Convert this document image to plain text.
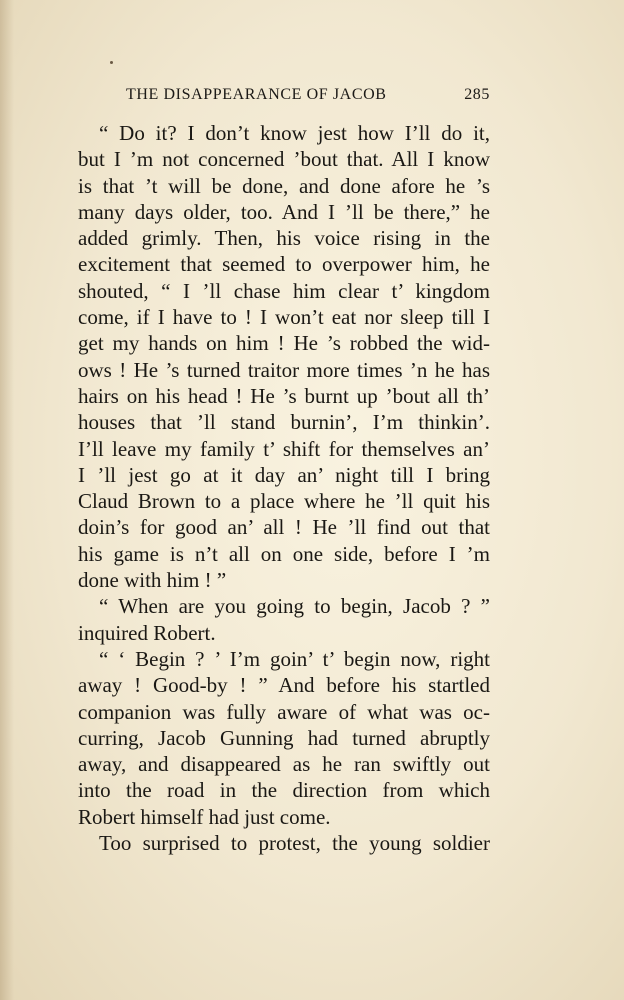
THE DISAPPEARANCE OF JACOB	285
“ Do it? I don’t know jest how I’ll do it,
but I ’m not concerned ’bout that. All I know
is that ’t will be done, and done afore he ’s
many days older, too. And I ’ll be there,” he
added grimly. Then, his voice rising in the
excitement that seemed to overpower him, he
shouted, “ I ’ll chase him clear t’ kingdom
come, if I have to ! I won’t eat nor sleep till I
get my hands on him ! He ’s robbed the wid-
ows ! He ’s turned traitor more times ’n he has
hairs on his head ! He ’s burnt up ’bout all th’
houses that ’ll stand burnin’, I’m thinkin’.
I’ll leave my family t’ shift for themselves an’
I ’ll jest go at it day an’ night till I bring
Claud Brown to a place where he ’ll quit his
doin’s for good an’ all ! He ’ll find out that
his game is n’t all on one side, before I ’m
done with him ! ”
“ When are you going to begin, Jacob ? ”
inquired Robert.
“ ‘ Begin ? ’ I’m goin’ t’ begin now, right
away ! Good-by ! ” And before his startled
companion was fully aware of what was oc-
curring, Jacob Gunning had turned abruptly
away, and disappeared as he ran swiftly out
into the road in the direction from which
Robert himself had just come.
Too surprised to protest, the young soldier
